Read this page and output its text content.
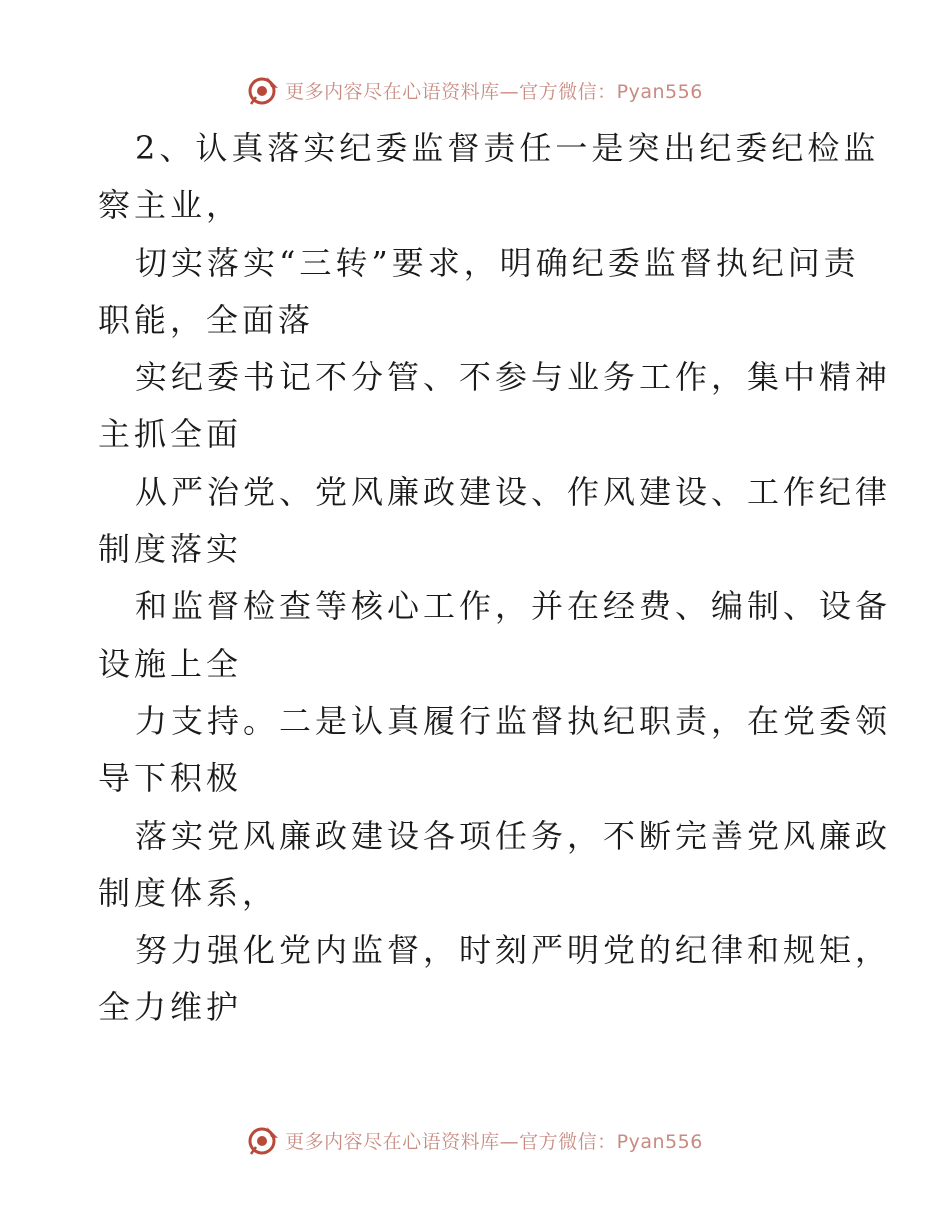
更多内容尽在心语资料库—官方微信：Pyan556
2、认真落实纪委监督责任一是突出纪委纪检监
察主业，
切实落实“三转”要求，明确纪委监督执纪问责
职能，全面落
实纪委书记不分管、不参与业务工作，集中精神
主抓全面
从严治党、党风廉政建设、作风建设、工作纪律
制度落实
和监督检查等核心工作，并在经费、编制、设备
设施上全
力支持。二是认真履行监督执纪职责，在党委领
导下积极
落实党风廉政建设各项任务，不断完善党风廉政
制度体系，
努力强化党内监督，时刻严明党的纪律和规矩，
全力维护
更多内容尽在心语资料库—官方微信：Pyan556
